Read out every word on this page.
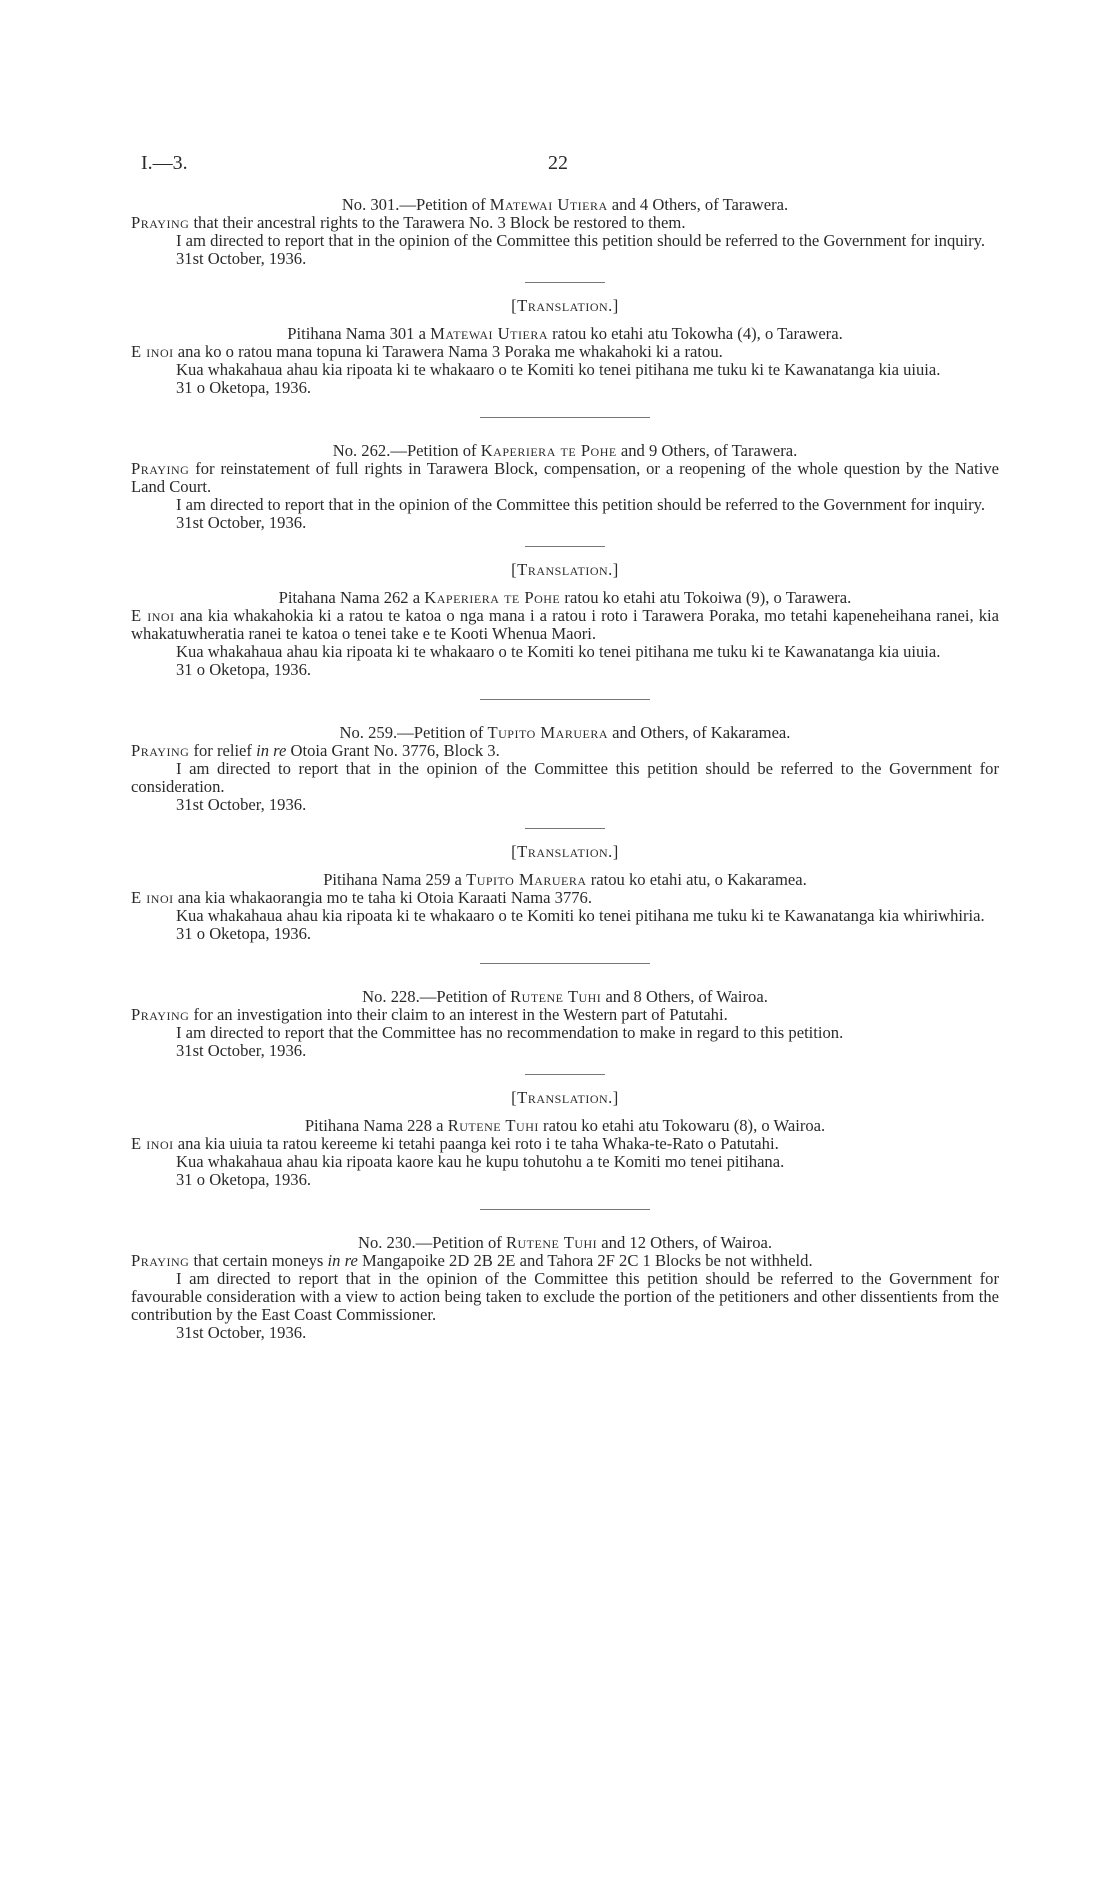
I.—3.	22

No. 301.—Petition of Matewai Utiera and 4 Others, of Tarawera.

Praying that their ancestral rights to the Tarawera No. 3 Block be restored to them.

I am directed to report that in the opinion of the Committee this petition should be referred to the Government for inquiry.

31st October, 1936.

[Translation.]

Pitihana Nama 301 a Matewai Utiera ratou ko etahi atu Tokowha (4), o Tarawera.

E inoi ana ko o ratou mana topuna ki Tarawera Nama 3 Poraka me whakahoki ki a ratou.

Kua whakahaua ahau kia ripoata ki te whakaaro o te Komiti ko tenei pitihana me tuku ki te Kawanatanga kia uiuia.

31 o Oketopa, 1936.

No. 262.—Petition of Kaperiera te Pohe and 9 Others, of Tarawera.

Praying for reinstatement of full rights in Tarawera Block, compensation, or a reopening of the whole question by the Native Land Court.

I am directed to report that in the opinion of the Committee this petition should be referred to the Government for inquiry.

31st October, 1936.

[Translation.]

Pitahana Nama 262 a Kaperiera te Pohe ratou ko etahi atu Tokoiwa (9), o Tarawera.

E inoi ana kia whakahokia ki a ratou te katoa o nga mana i a ratou i roto i Tarawera Poraka, mo tetahi kapeneheihana ranei, kia whakatuwheratia ranei te katoa o tenei take e te Kooti Whenua Maori.

Kua whakahaua ahau kia ripoata ki te whakaaro o te Komiti ko tenei pitihana me tuku ki te Kawanatanga kia uiuia.

31 o Oketopa, 1936.

No. 259.—Petition of Tupito Maruera and Others, of Kakaramea.

Praying for relief in re Otoia Grant No. 3776, Block 3.

I am directed to report that in the opinion of the Committee this petition should be referred to the Government for consideration.

31st October, 1936.

[Translation.]

Pitihana Nama 259 a Tupito Maruera ratou ko etahi atu, o Kakaramea.

E inoi ana kia whakaorangia mo te taha ki Otoia Karaati Nama 3776.

Kua whakahaua ahau kia ripoata ki te whakaaro o te Komiti ko tenei pitihana me tuku ki te Kawanatanga kia whiriwhiria.

31 o Oketopa, 1936.

No. 228.—Petition of Rutene Tuhi and 8 Others, of Wairoa.

Praying for an investigation into their claim to an interest in the Western part of Patutahi.

I am directed to report that the Committee has no recommendation to make in regard to this petition.

31st October, 1936.

[Translation.]

Pitihana Nama 228 a Rutene Tuhi ratou ko etahi atu Tokowaru (8), o Wairoa.

E inoi ana kia uiuia ta ratou kereeme ki tetahi paanga kei roto i te taha Whaka-te-Rato o Patutahi.

Kua whakahaua ahau kia ripoata kaore kau he kupu tohutohu a te Komiti mo tenei pitihana.

31 o Oketopa, 1936.

No. 230.—Petition of Rutene Tuhi and 12 Others, of Wairoa.

Praying that certain moneys in re Mangapoike 2D 2B 2E and Tahora 2F 2C 1 Blocks be not withheld.

I am directed to report that in the opinion of the Committee this petition should be referred to the Government for favourable consideration with a view to action being taken to exclude the portion of the petitioners and other dissentients from the contribution by the East Coast Commissioner.

31st October, 1936.
